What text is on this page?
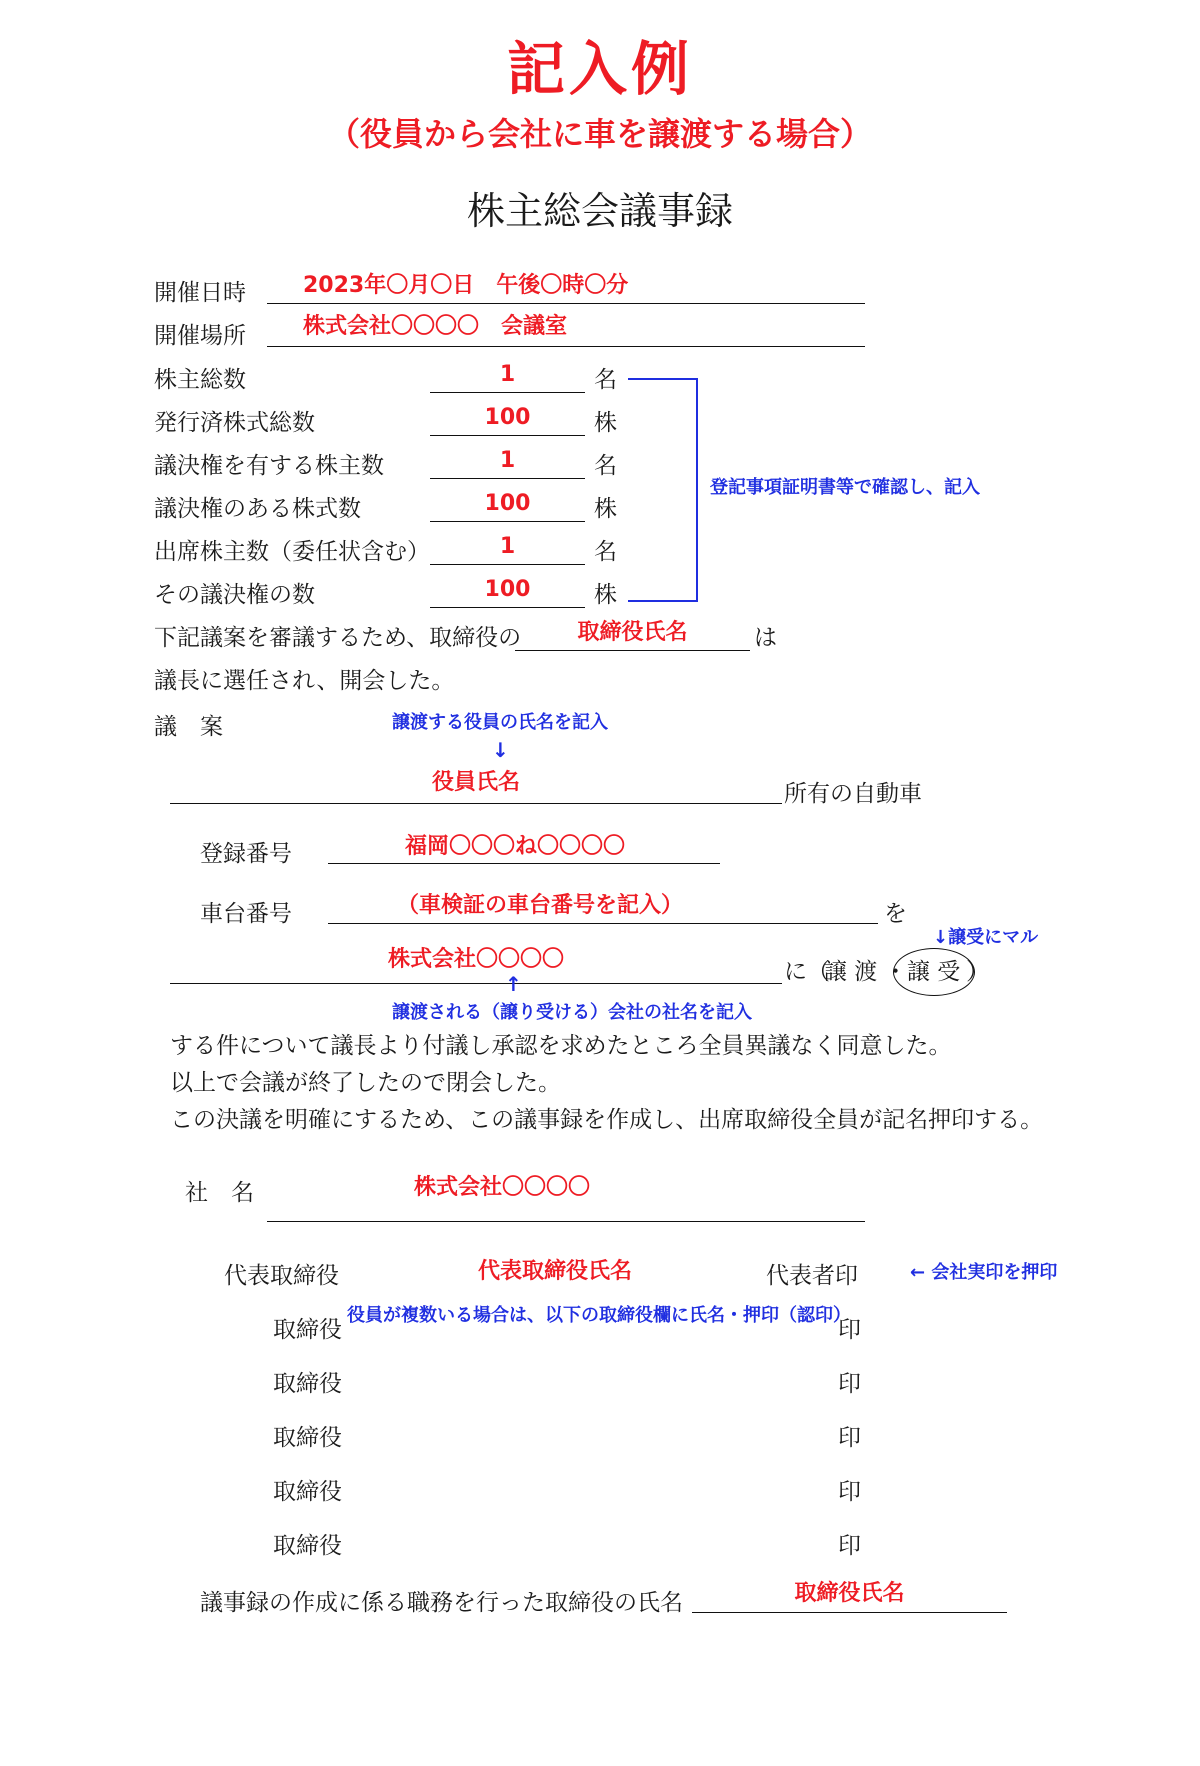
記入例
（役員から会社に車を譲渡する場合）
株主総会議事録
開催日時	2023年〇月〇日　午後〇時〇分
開催場所	株式会社〇〇〇〇　会議室
株主総数	1	名
発行済株式総数	100	株
議決権を有する株主数	1	名
議決権のある株式数	100	株
出席株主数（委任状含む）	1	名
その議決権の数	100	株
登記事項証明書等で確認し、記入
下記議案を審議するため、取締役の	取締役氏名	は
議長に選任され、開会した。
議　案	譲渡する役員の氏名を記入
↓
役員氏名	所有の自動車
登録番号	福岡〇〇〇ね〇〇〇〇
車台番号	（車検証の車台番号を記入）	を
↓譲受にマル
株式会社〇〇〇〇	に（
譲 渡 ・ 譲 受 ）
↑
譲渡される（譲り受ける）会社の社名を記入
する件について議長より付議し承認を求めたところ全員異議なく同意した。
以上で会議が終了したので閉会した。
この決議を明確にするため、この議事録を作成し、出席取締役全員が記名押印する。
社　名	株式会社〇〇〇〇
代表取締役	代表取締役氏名	代表者印	← 会社実印を押印
役員が複数いる場合は、以下の取締役欄に氏名・押印（認印）
取締役	印
取締役	印
取締役	印
取締役	印
取締役	印
議事録の作成に係る職務を行った取締役の氏名	取締役氏名
